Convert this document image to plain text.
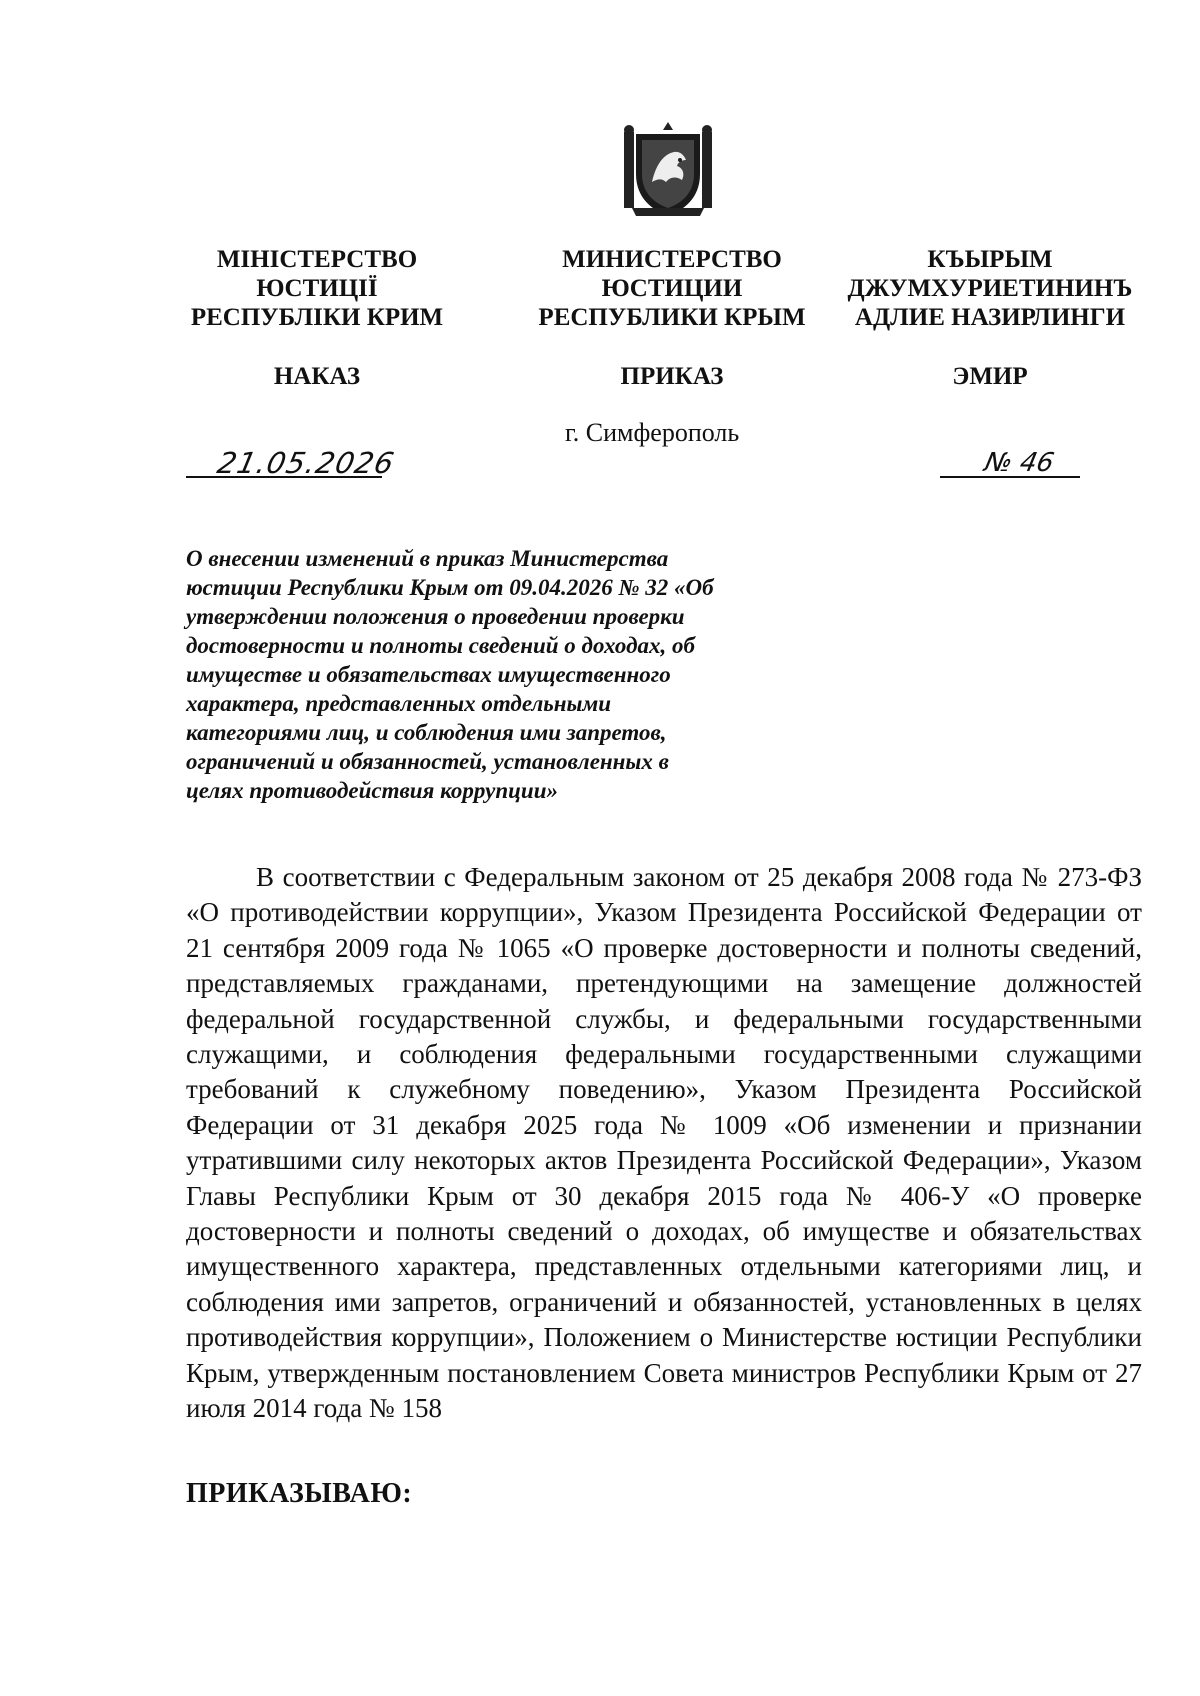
МІНІСТЕРСТВО
ЮСТИЦІЇ
РЕСПУБЛІКИ КРИМ
НАКАЗ
МИНИСТЕРСТВО
ЮСТИЦИИ
РЕСПУБЛИКИ КРЫМ
ПРИКАЗ
КЪЫРЫМ
ДЖУМХУРИЕТИНИНЪ
АДЛИЕ НАЗИРЛИНГИ
ЭМИР
г. Симферополь
21.05.2026	№ 46
О внесении изменений в приказ Министерства юстиции Республики Крым от 09.04.2026 № 32 «Об утверждении положения о проведении проверки достоверности и полноты сведений о доходах, об имуществе и обязательствах имущественного характера, представленных отдельными категориями лиц, и соблюдения ими запретов, ограничений и обязанностей, установленных в целях противодействия коррупции»
В соответствии с Федеральным законом от 25 декабря 2008 года № 273-ФЗ «О противодействии коррупции», Указом Президента Российской Федерации от 21 сентября 2009 года № 1065 «О проверке достоверности и полноты сведений, представляемых гражданами, претендующими на замещение должностей федеральной государственной службы, и федеральными государственными служащими, и соблюдения федеральными государственными служащими требований к служебному поведению», Указом Президента Российской Федерации от 31 декабря 2025 года № 1009 «Об изменении и признании утратившими силу некоторых актов Президента Российской Федерации», Указом Главы Республики Крым от 30 декабря 2015 года № 406-У «О проверке достоверности и полноты сведений о доходах, об имуществе и обязательствах имущественного характера, представленных отдельными категориями лиц, и соблюдения ими запретов, ограничений и обязанностей, установленных в целях противодействия коррупции», Положением о Министерстве юстиции Республики Крым, утвержденным постановлением Совета министров Республики Крым от 27 июля 2014 года № 158
ПРИКАЗЫВАЮ:
